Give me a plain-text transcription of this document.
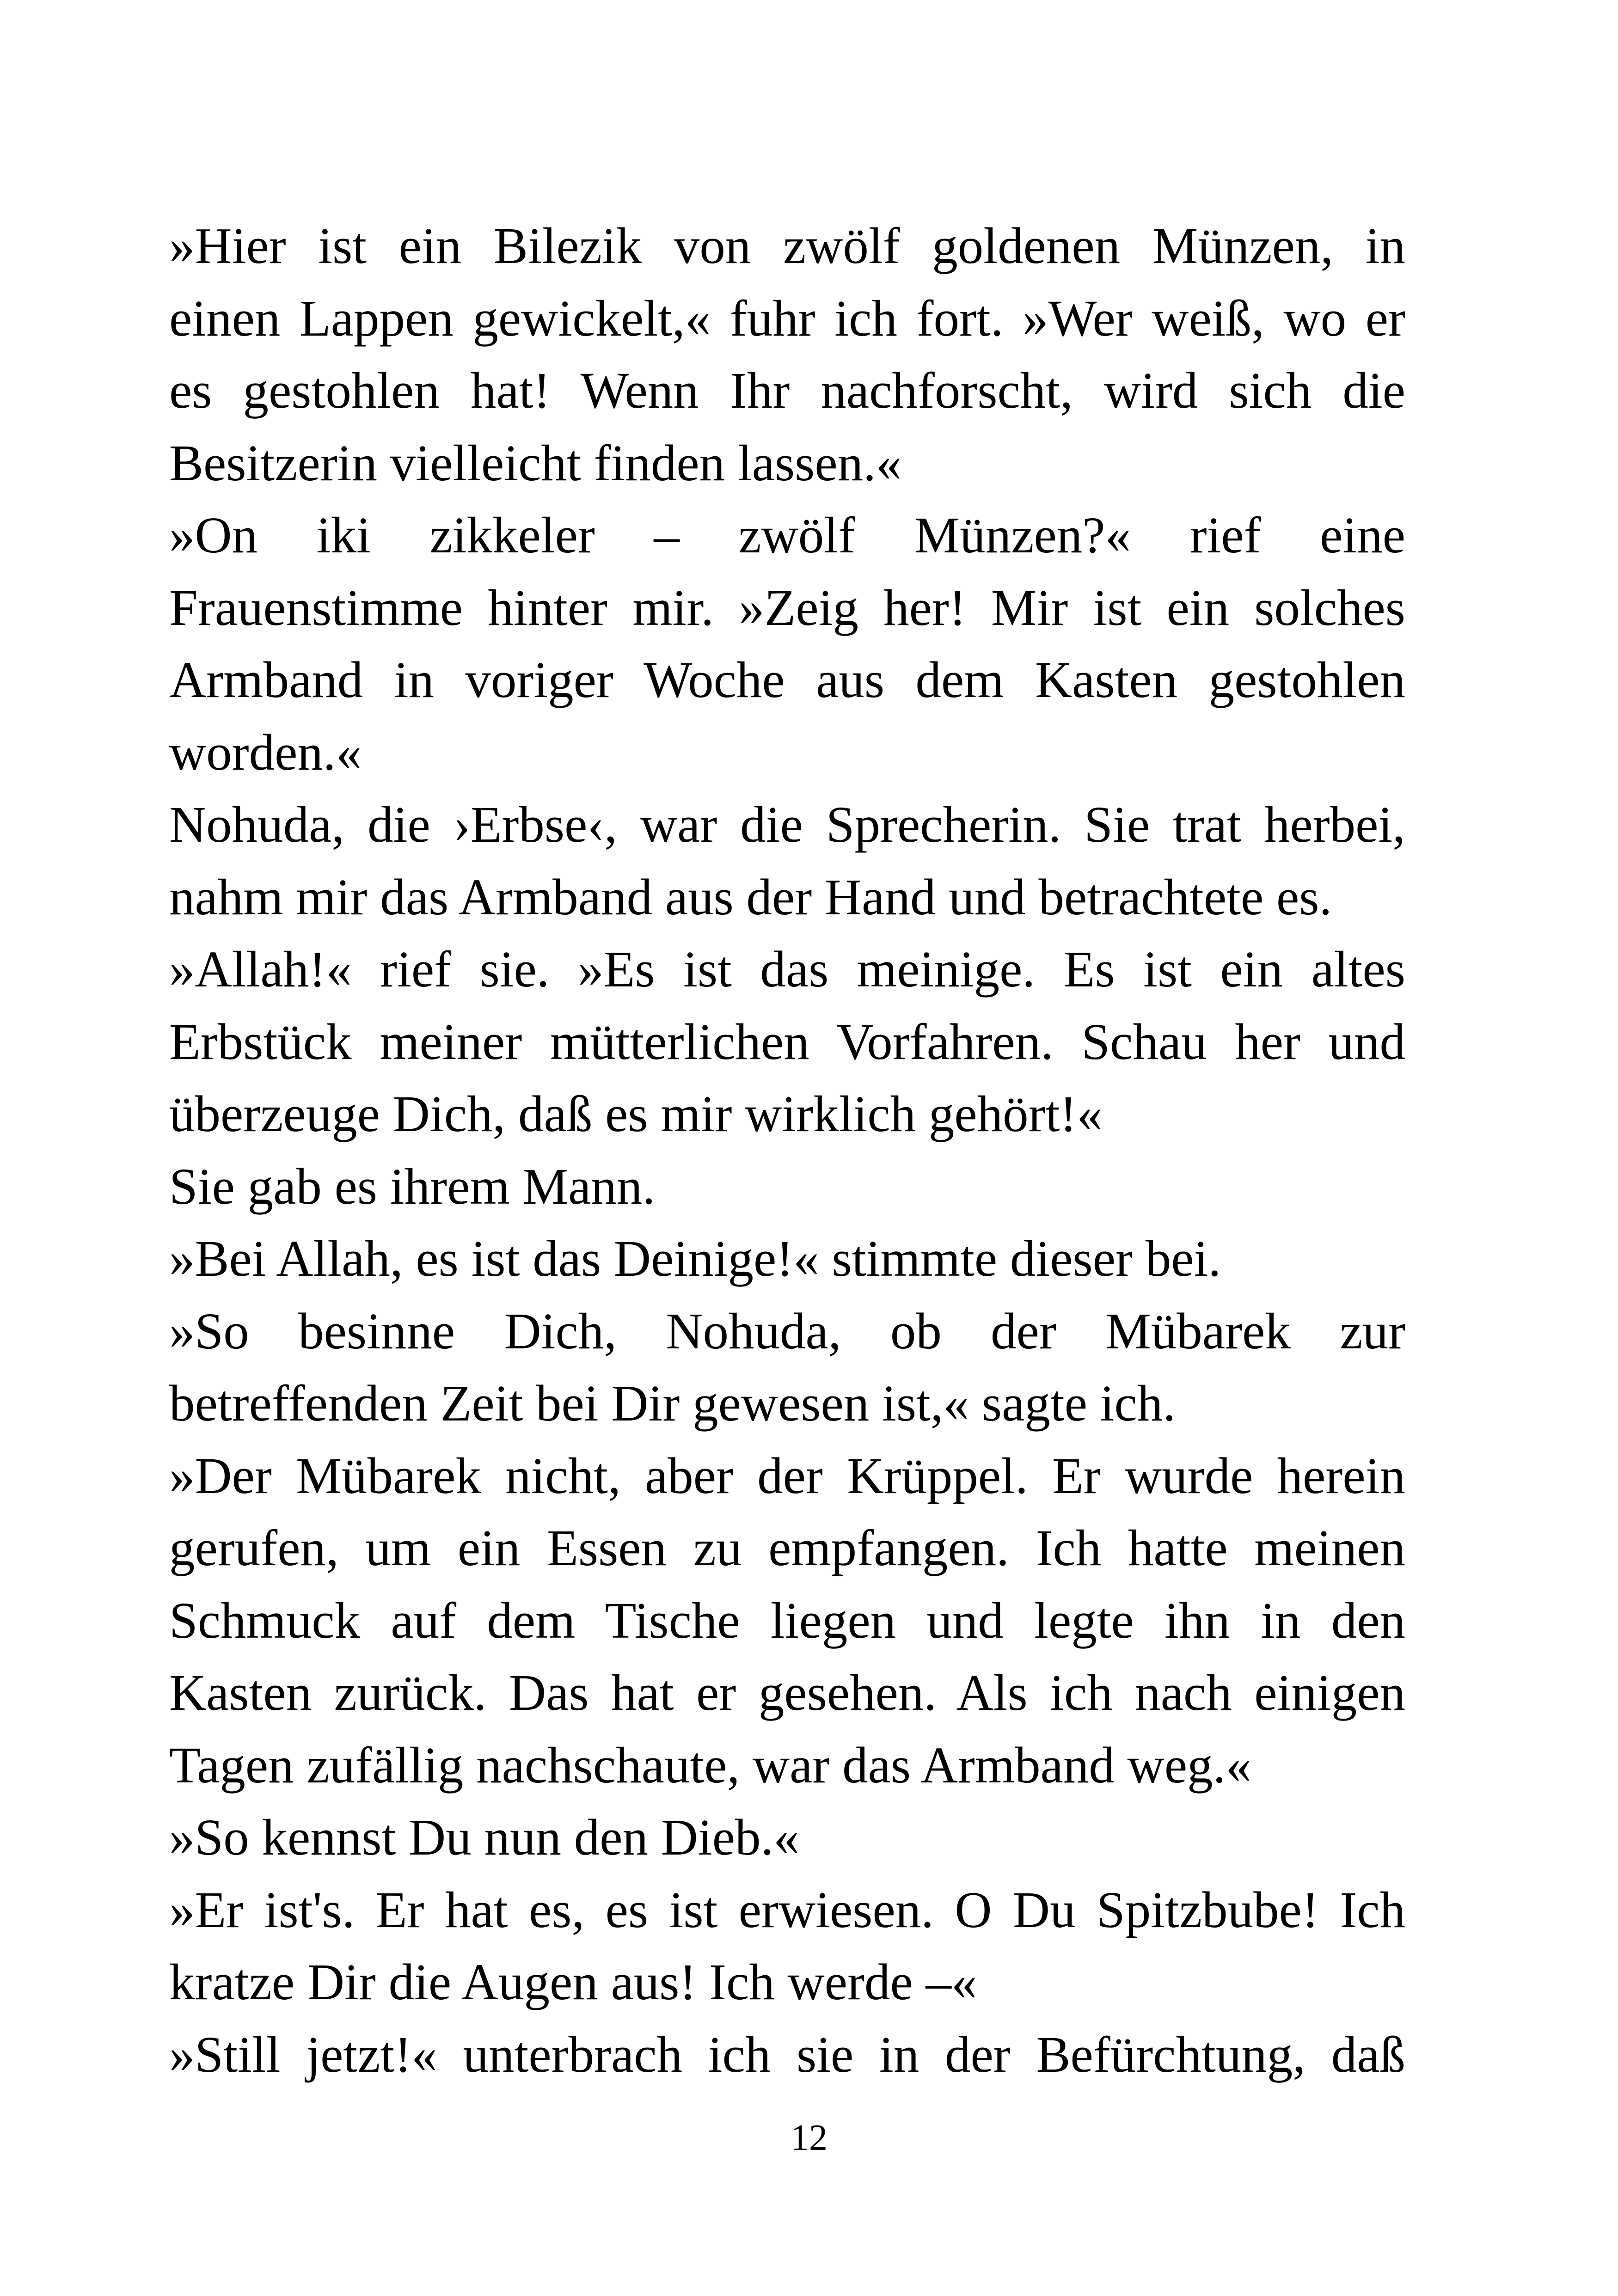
»Hier ist ein Bilezik von zwölf goldenen Münzen, in
einen Lappen gewickelt,« fuhr ich fort. »Wer weiß, wo er
es gestohlen hat! Wenn Ihr nachforscht, wird sich die
Besitzerin vielleicht finden lassen.«
»On iki zikkeler – zwölf Münzen?« rief eine
Frauenstimme hinter mir. »Zeig her! Mir ist ein solches
Armband in voriger Woche aus dem Kasten gestohlen
worden.«
Nohuda, die ›Erbse‹, war die Sprecherin. Sie trat herbei,
nahm mir das Armband aus der Hand und betrachtete es.
»Allah!« rief sie. »Es ist das meinige. Es ist ein altes
Erbstück meiner mütterlichen Vorfahren. Schau her und
überzeuge Dich, daß es mir wirklich gehört!«
Sie gab es ihrem Mann.
»Bei Allah, es ist das Deinige!« stimmte dieser bei.
»So besinne Dich, Nohuda, ob der Mübarek zur
betreffenden Zeit bei Dir gewesen ist,« sagte ich.
»Der Mübarek nicht, aber der Krüppel. Er wurde herein
gerufen, um ein Essen zu empfangen. Ich hatte meinen
Schmuck auf dem Tische liegen und legte ihn in den
Kasten zurück. Das hat er gesehen. Als ich nach einigen
Tagen zufällig nachschaute, war das Armband weg.«
»So kennst Du nun den Dieb.«
»Er ist's. Er hat es, es ist erwiesen. O Du Spitzbube! Ich
kratze Dir die Augen aus! Ich werde –«
»Still jetzt!« unterbrach ich sie in der Befürchtung, daß
12
